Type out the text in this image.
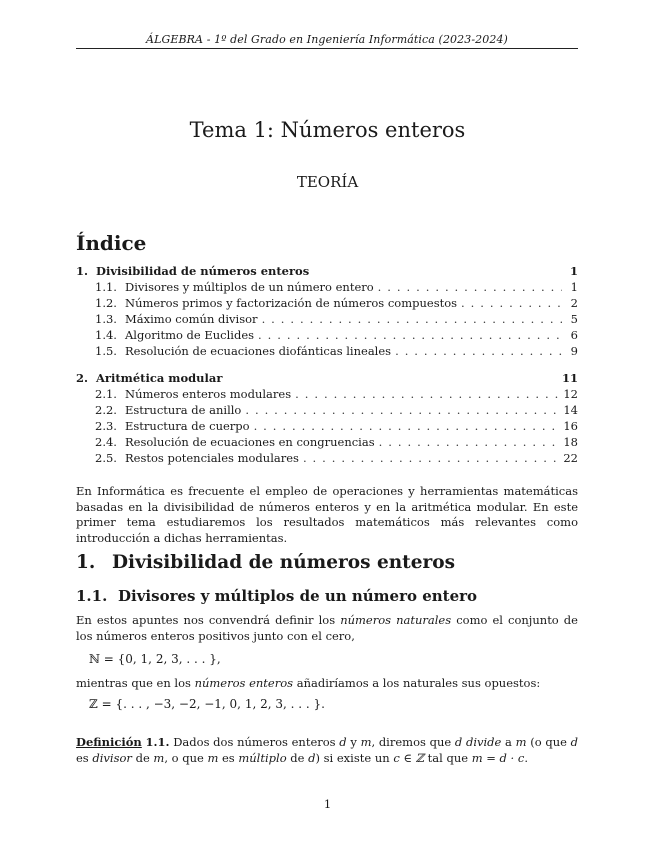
ÁLGEBRA - 1º del Grado en Ingeniería Informática (2023-2024)
Tema 1: Números enteros
TEORÍA
Índice
1. Divisibilidad de números enteros	1
1.1. Divisores y múltiplos de un número entero . . .	1
1.2. Números primos y factorización de números compuestos . . .	2
1.3. Máximo común divisor . . .	5
1.4. Algoritmo de Euclides . . .	6
1.5. Resolución de ecuaciones diofánticas lineales . . .	9
2. Aritmética modular	11
2.1. Números enteros modulares . . .	12
2.2. Estructura de anillo . . .	14
2.3. Estructura de cuerpo . . .	16
2.4. Resolución de ecuaciones en congruencias . . .	18
2.5. Restos potenciales modulares . . .	22
En Informática es frecuente el empleo de operaciones y herramientas matemáticas basadas en la divisibilidad de números enteros y en la aritmética modular. En este primer tema estudiaremos los resultados matemáticos más relevantes como introducción a dichas herramientas.
1. Divisibilidad de números enteros
1.1. Divisores y múltiplos de un número entero
En estos apuntes nos convendrá definir los números naturales como el conjunto de los números enteros positivos junto con el cero,
ℕ = {0, 1, 2, 3, . . . },
mientras que en los números enteros añadiríamos a los naturales sus opuestos:
ℤ = {. . . , −3, −2, −1, 0, 1, 2, 3, . . . }.
Definición 1.1. Dados dos números enteros d y m, diremos que d divide a m (o que d es divisor de m, o que m es múltiplo de d) si existe un c ∈ ℤ tal que m = d · c.
1
